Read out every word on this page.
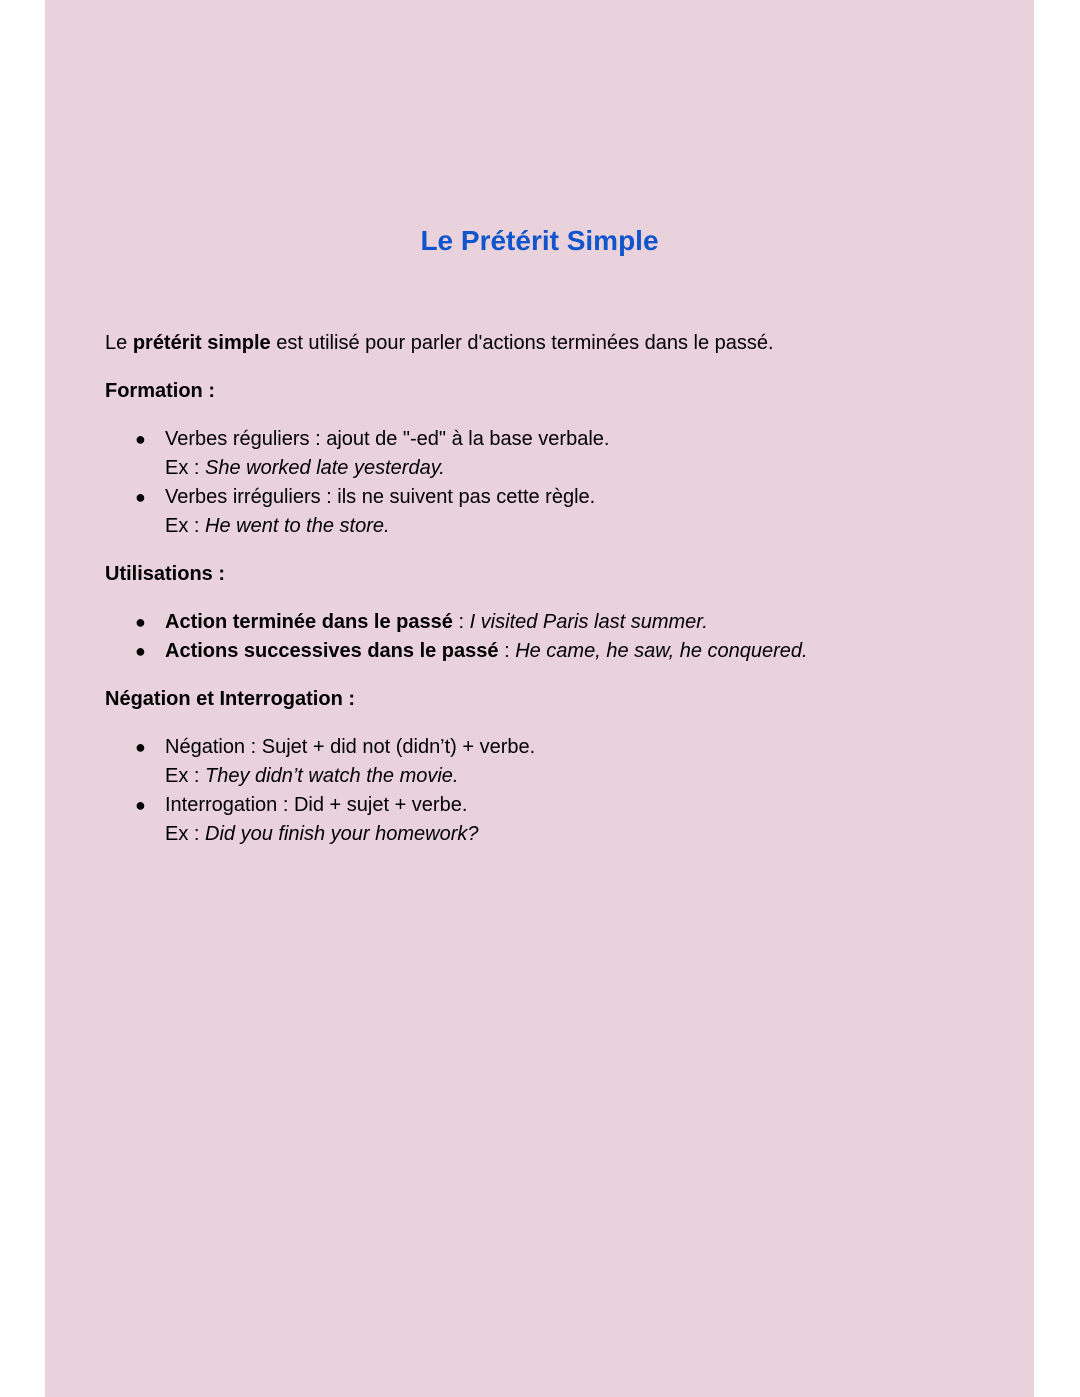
Le Prétérit Simple

Le prétérit simple est utilisé pour parler d'actions terminées dans le passé.

Formation :

● Verbes réguliers : ajout de "-ed" à la base verbale.
Ex : She worked late yesterday.
● Verbes irréguliers : ils ne suivent pas cette règle.
Ex : He went to the store.

Utilisations :

● Action terminée dans le passé : I visited Paris last summer.
● Actions successives dans le passé : He came, he saw, he conquered.

Négation et Interrogation :

● Négation : Sujet + did not (didn’t) + verbe.
Ex : They didn’t watch the movie.
● Interrogation : Did + sujet + verbe.
Ex : Did you finish your homework?
